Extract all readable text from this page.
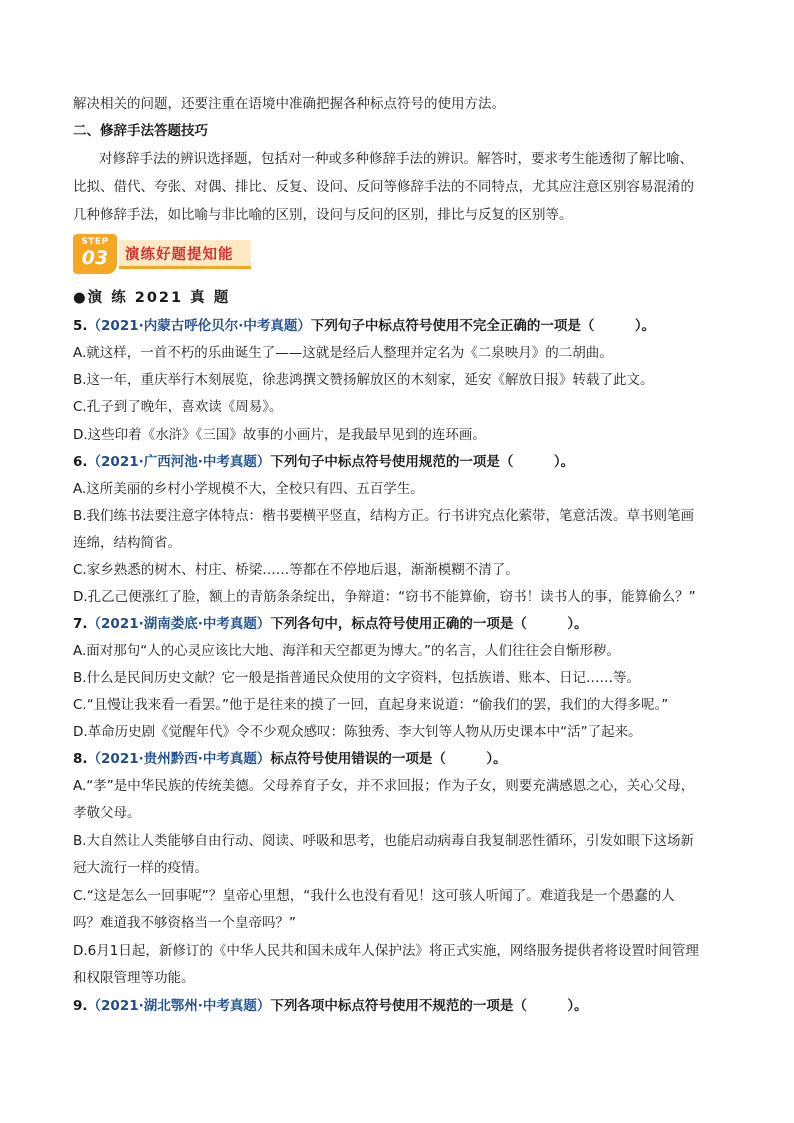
解决相关的问题，还要注重在语境中准确把握各种标点符号的使用方法。
二、修辞手法答题技巧
对修辞手法的辨识选择题，包括对一种或多种修辞手法的辨识。解答时，要求考生能透彻了解比喻、
比拟、借代、夸张、对偶、排比、反复、设问、反问等修辞手法的不同特点，尤其应注意区别容易混淆的
几种修辞手法，如比喻与非比喻的区别，设问与反问的区别，排比与反复的区别等。
STEP
03	演练好题提知能
●演 练 2021 真 题
5.（2021·内蒙古呼伦贝尔·中考真题）下列句子中标点符号使用不完全正确的一项是（　　　）。
A.就这样，一首不朽的乐曲诞生了——这就是经后人整理并定名为《二泉映月》的二胡曲。
B.这一年，重庆举行木刻展览，徐悲鸿撰文赞扬解放区的木刻家，延安《解放日报》转载了此文。
C.孔子到了晚年，喜欢读《周易》。
D.这些印着《水浒》《三国》故事的小画片，是我最早见到的连环画。
6.（2021·广西河池·中考真题）下列句子中标点符号使用规范的一项是（　　　）。
A.这所美丽的乡村小学规模不大，全校只有四、五百学生。
B.我们练书法要注意字体特点：楷书要横平竖直，结构方正。行书讲究点化萦带，笔意活泼。草书则笔画
连绵，结构简省。
C.家乡熟悉的树木、村庄、桥梁……等都在不停地后退，渐渐模糊不清了。
D.孔乙己便涨红了脸，额上的青筋条条绽出，争辩道：“窃书不能算偷，窃书！读书人的事，能算偷么？”
7.（2021·湖南娄底·中考真题）下列各句中，标点符号使用正确的一项是（　　　）。
A.面对那句“人的心灵应该比大地、海洋和天空都更为博大。”的名言，人们往往会自惭形秽。
B.什么是民间历史文献？它一般是指普通民众使用的文字资料，包括族谱、账本、日记……等。
C.“且慢让我来看一看罢。”他于是往来的摸了一回，直起身来说道：“偷我们的罢，我们的大得多呢。”
D.革命历史剧《觉醒年代》令不少观众感叹：陈独秀、李大钊等人物从历史课本中“活”了起来。
8.（2021·贵州黔西·中考真题）标点符号使用错误的一项是（　　　）。
A.“孝”是中华民族的传统美德。父母养育子女，并不求回报；作为子女，则要充满感恩之心，关心父母，
孝敬父母。
B.大自然让人类能够自由行动、阅读、呼吸和思考，也能启动病毒自我复制恶性循环，引发如眼下这场新
冠大流行一样的疫情。
C.“这是怎么一回事呢”？皇帝心里想，“我什么也没有看见！这可骇人听闻了。难道我是一个愚蠢的人
吗？难道我不够资格当一个皇帝吗？”
D.6月1日起，新修订的《中华人民共和国未成年人保护法》将正式实施，网络服务提供者将设置时间管理
和权限管理等功能。
9.（2021·湖北鄂州·中考真题）下列各项中标点符号使用不规范的一项是（　　　）。
